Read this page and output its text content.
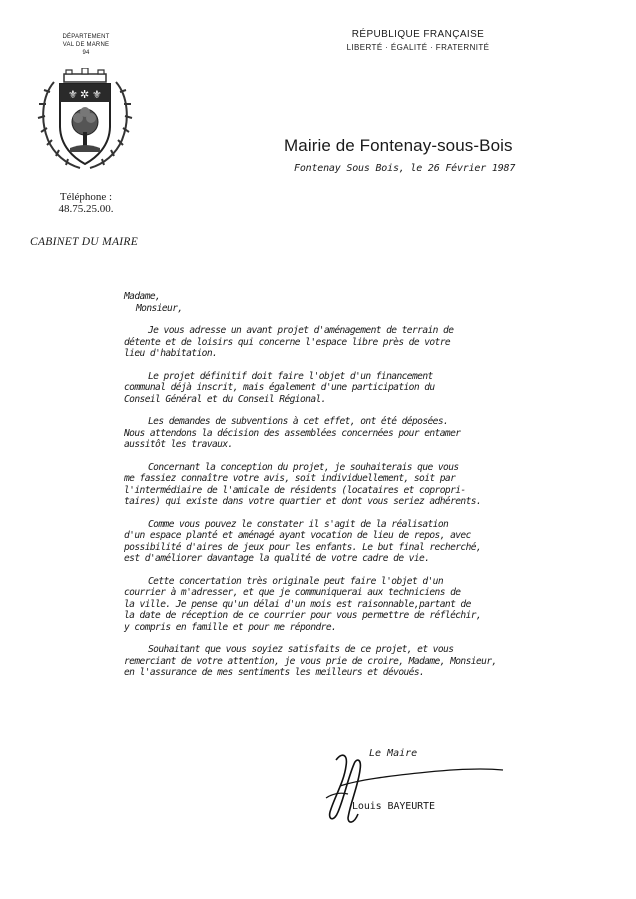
DÉPARTEMENT
VAL DE MARNE
94
⚜ ✲ ⚜
Téléphone :
48.75.25.00.
CABINET DU MAIRE
RÉPUBLIQUE FRANÇAISE
LIBERTÉ · ÉGALITÉ · FRATERNITÉ
Mairie de Fontenay-sous-Bois
Fontenay Sous Bois, le 26 Février 1987
Madame,
Monsieur,
Je vous adresse un avant projet d'aménagement de terrain de
détente et de loisirs qui concerne l'espace libre près de votre
lieu d'habitation.
Le projet définitif doit faire l'objet d'un financement
communal déjà inscrit, mais également d'une participation du
Conseil Général et du Conseil Régional.
Les demandes de subventions à cet effet, ont été déposées.
Nous attendons la décision des assemblées concernées pour entamer
aussitôt les travaux.
Concernant la conception du projet, je souhaiterais que vous
me fassiez connaître votre avis, soit individuellement, soit par
l'intermédiaire de l'amicale de résidents (locataires et copropri-
taires) qui existe dans votre quartier et dont vous seriez adhérents.
Comme vous pouvez le constater il s'agit de la réalisation
d'un espace planté et aménagé ayant vocation de lieu de repos, avec
possibilité d'aires de jeux pour les enfants. Le but final recherché,
est d'améliorer davantage la qualité de votre cadre de vie.
Cette concertation très originale peut faire l'objet d'un
courrier à m'adresser, et que je communiquerai aux techniciens de
la ville. Je pense qu'un délai d'un mois est raisonnable,partant de
la date de réception de ce courrier pour vous permettre de réfléchir,
y compris en famille et pour me répondre.
Souhaitant que vous soyiez satisfaits de ce projet, et vous
remerciant de votre attention, je vous prie de croire, Madame, Monsieur,
en l'assurance de mes sentiments les meilleurs et dévoués.
Le Maire
Louis BAYEURTE
